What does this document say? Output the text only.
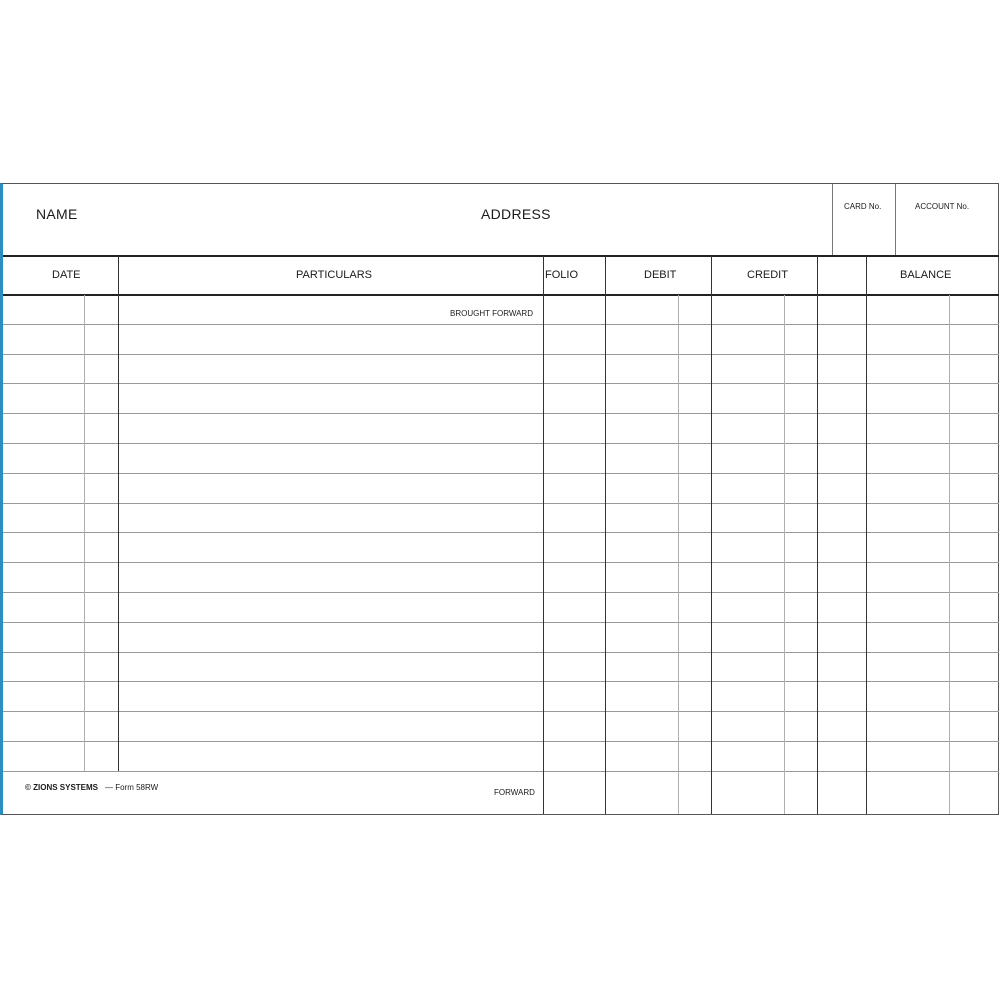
NAME	ADDRESS	CARD No.	ACCOUNT No.
DATE	PARTICULARS	FOLIO	DEBIT	CREDIT	BALANCE
BROUGHT FORWARD
FORWARD
© ZIONS SYSTEMS — Form 58RW
